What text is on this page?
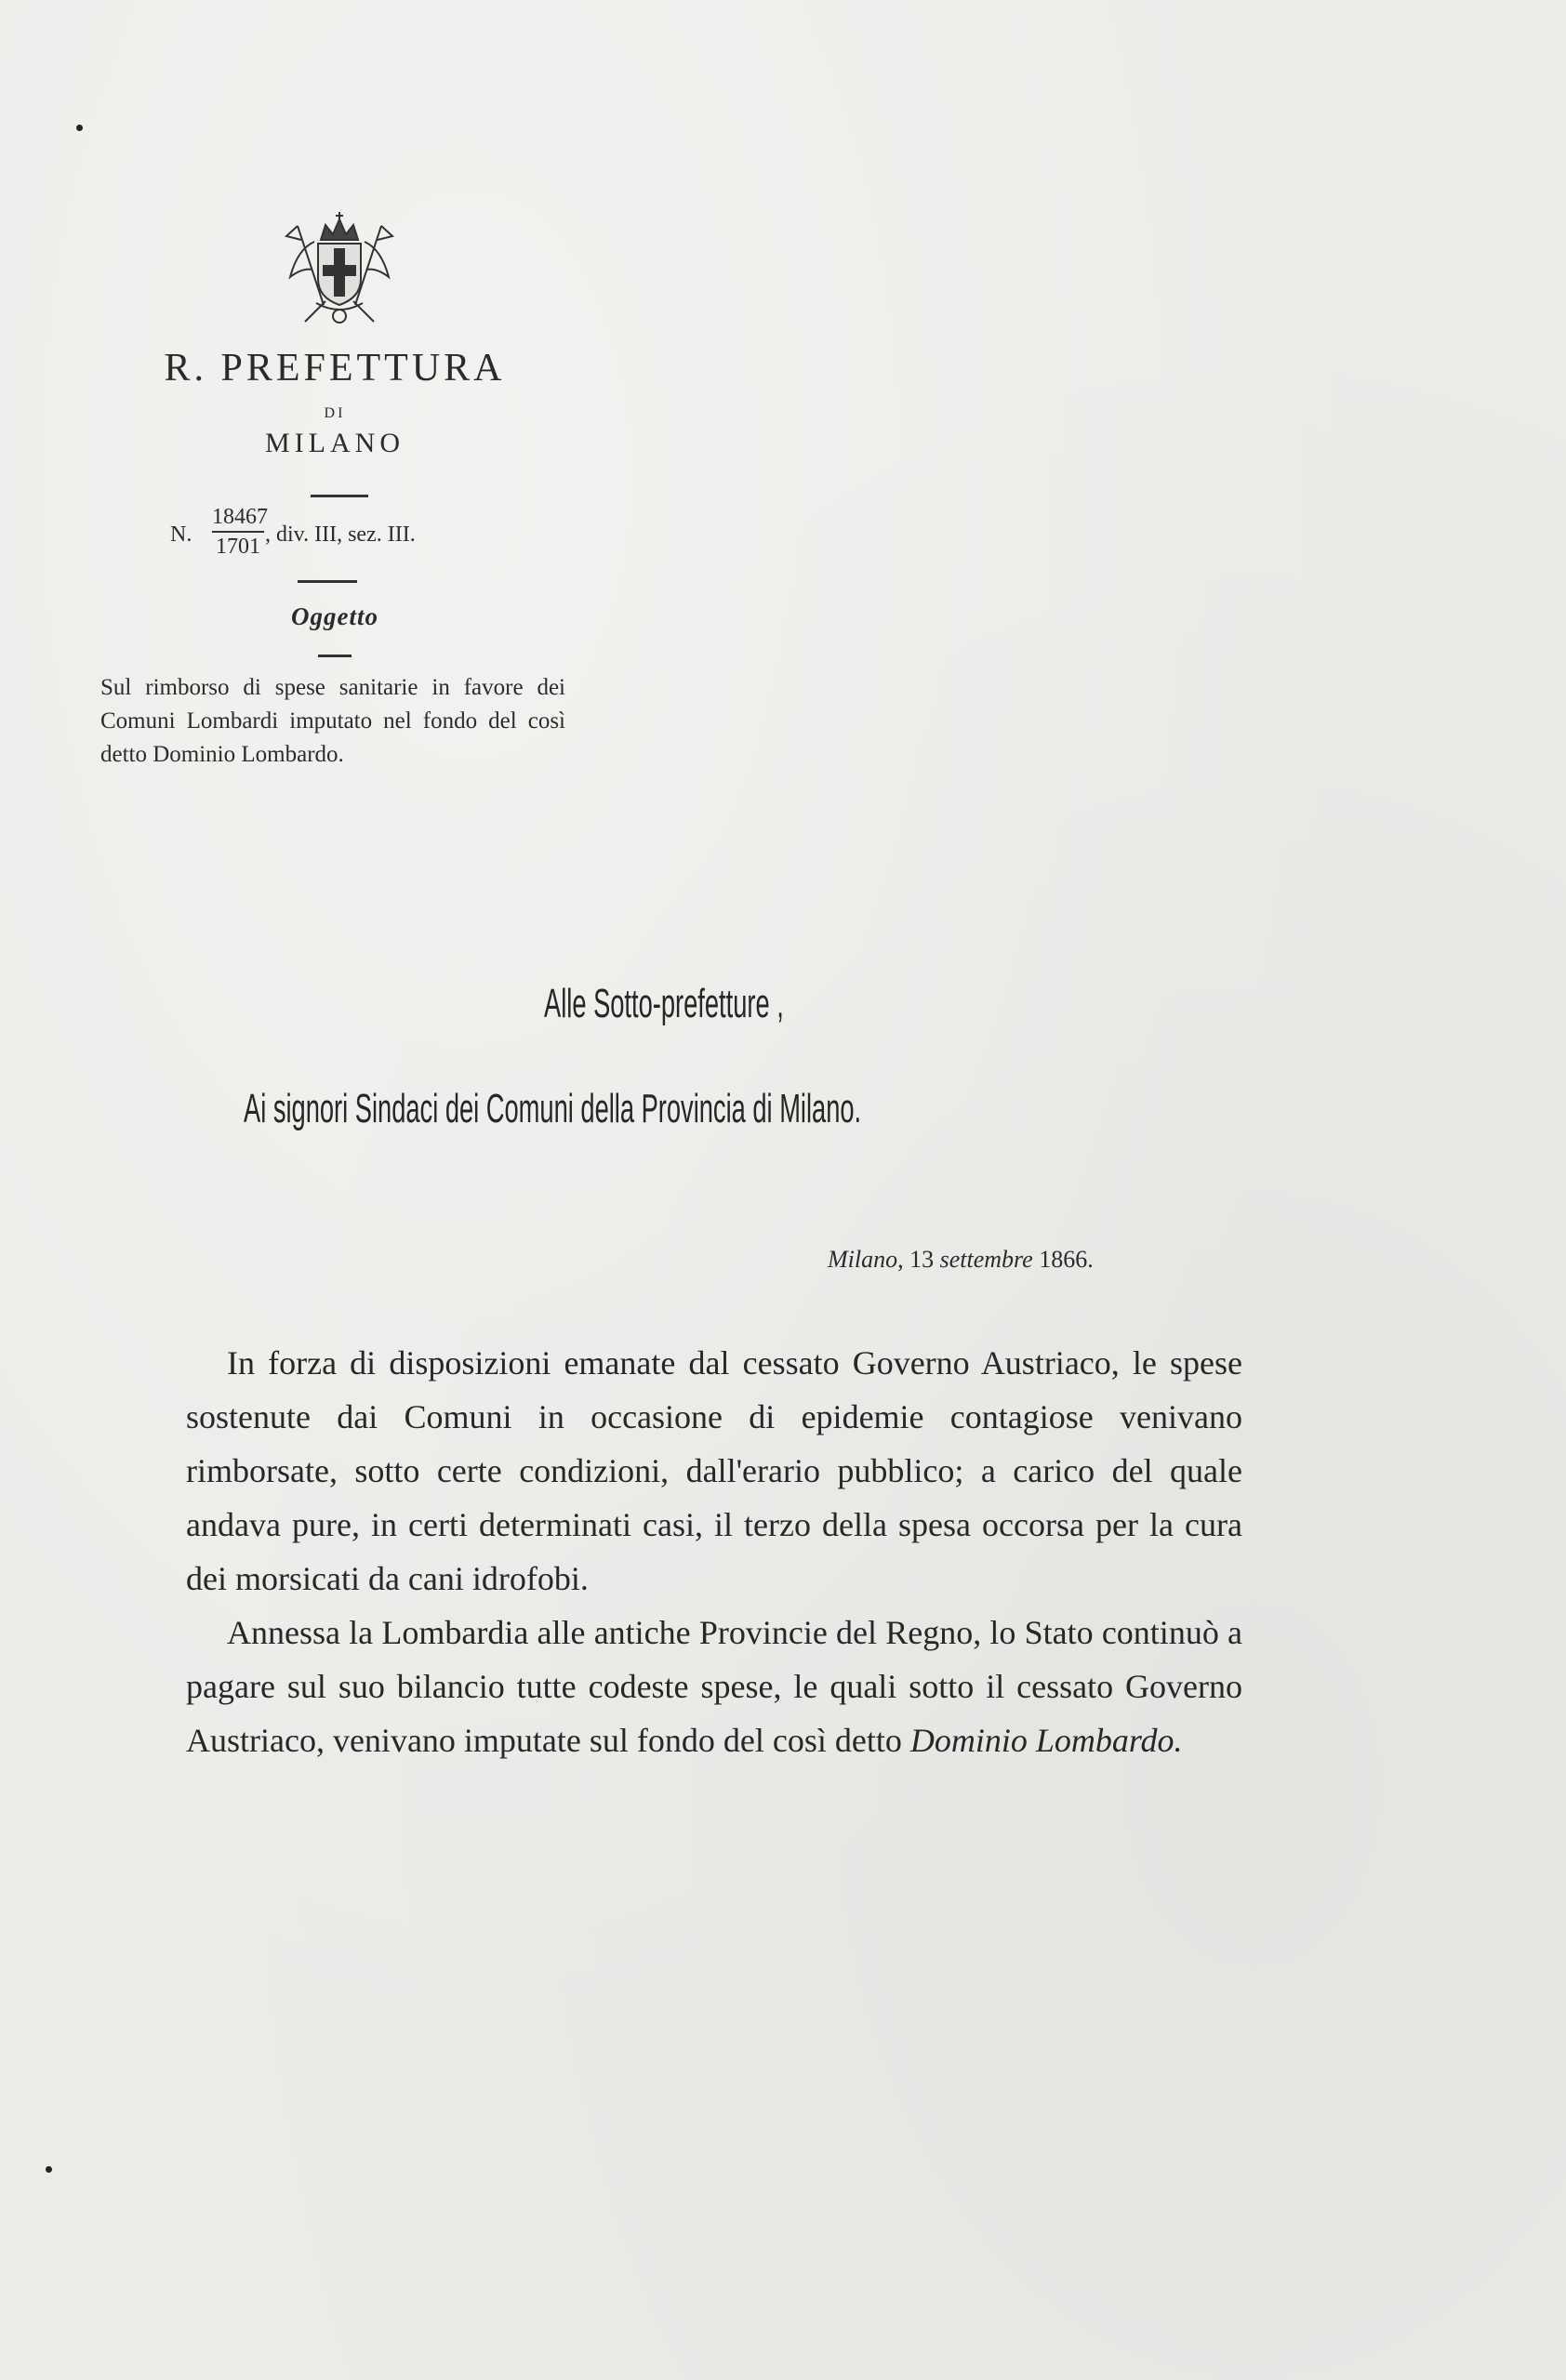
R. PREFETTURA
DI
MILANO
N.
18467
1701 , div. III, sez. III.
Oggetto
Sul rimborso di spese sanitarie in favore dei Comuni Lombardi imputato nel fondo del così detto Dominio Lombardo.
Alle Sotto-prefetture ,
Ai signori Sindaci dei Comuni della Provincia di Milano.
Milano, 13 settembre 1866.

In forza di disposizioni emanate dal cessato Governo Austriaco, le spese sostenute dai Comuni in occasione di epidemie contagiose venivano rimborsate, sotto certe condizioni, dall'erario pubblico; a carico del quale andava pure, in certi determinati casi, il terzo della spesa occorsa per la cura dei morsicati da cani idrofobi.

Annessa la Lombardia alle antiche Provincie del Regno, lo Stato continuò a pagare sul suo bilancio tutte codeste spese, le quali sotto il cessato Governo Austriaco, venivano imputate sul fondo del così detto Dominio Lombardo.
